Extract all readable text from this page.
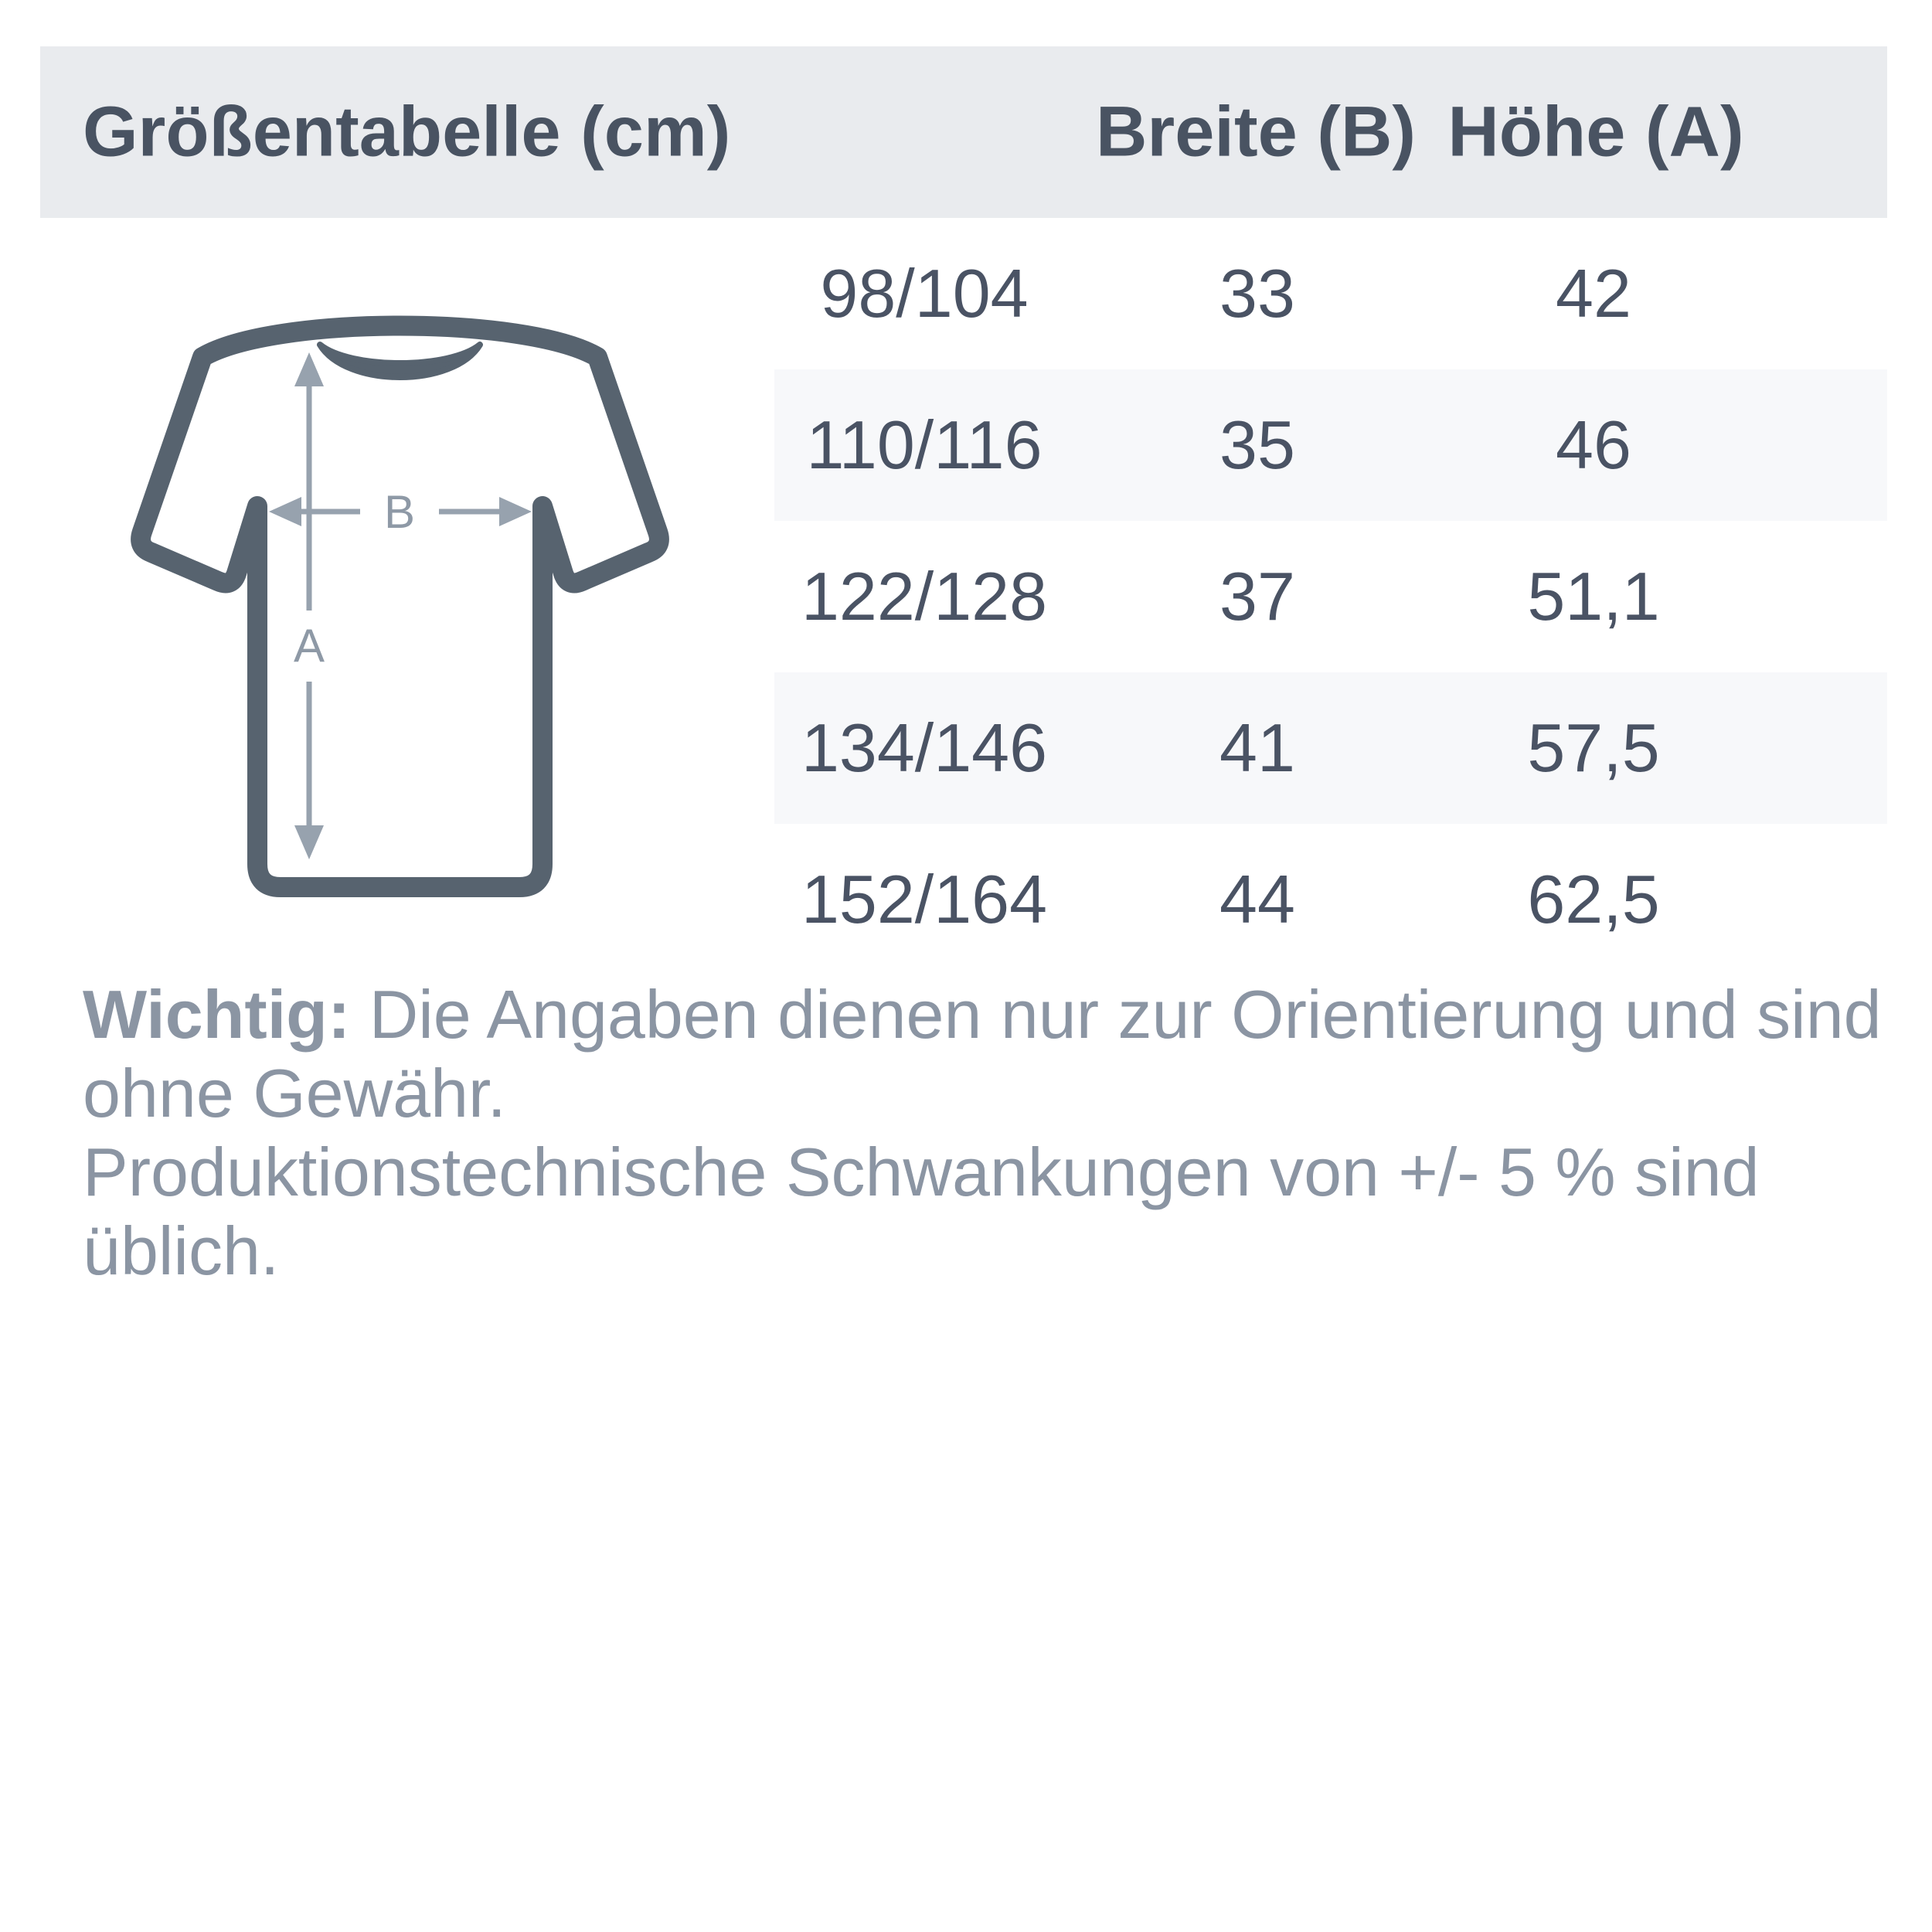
Größentabelle (cm)	Breite (B) Höhe (A)
98/104	33	42
110/116	35	46
122/128	37	51,1
134/146	41	57,5
152/164	44	62,5
A
B
Wichtig: Die Angaben dienen nur zur Orientierung und sind ohne Gewähr.
Produktionstechnische Schwankungen von +/- 5 % sind üblich.
